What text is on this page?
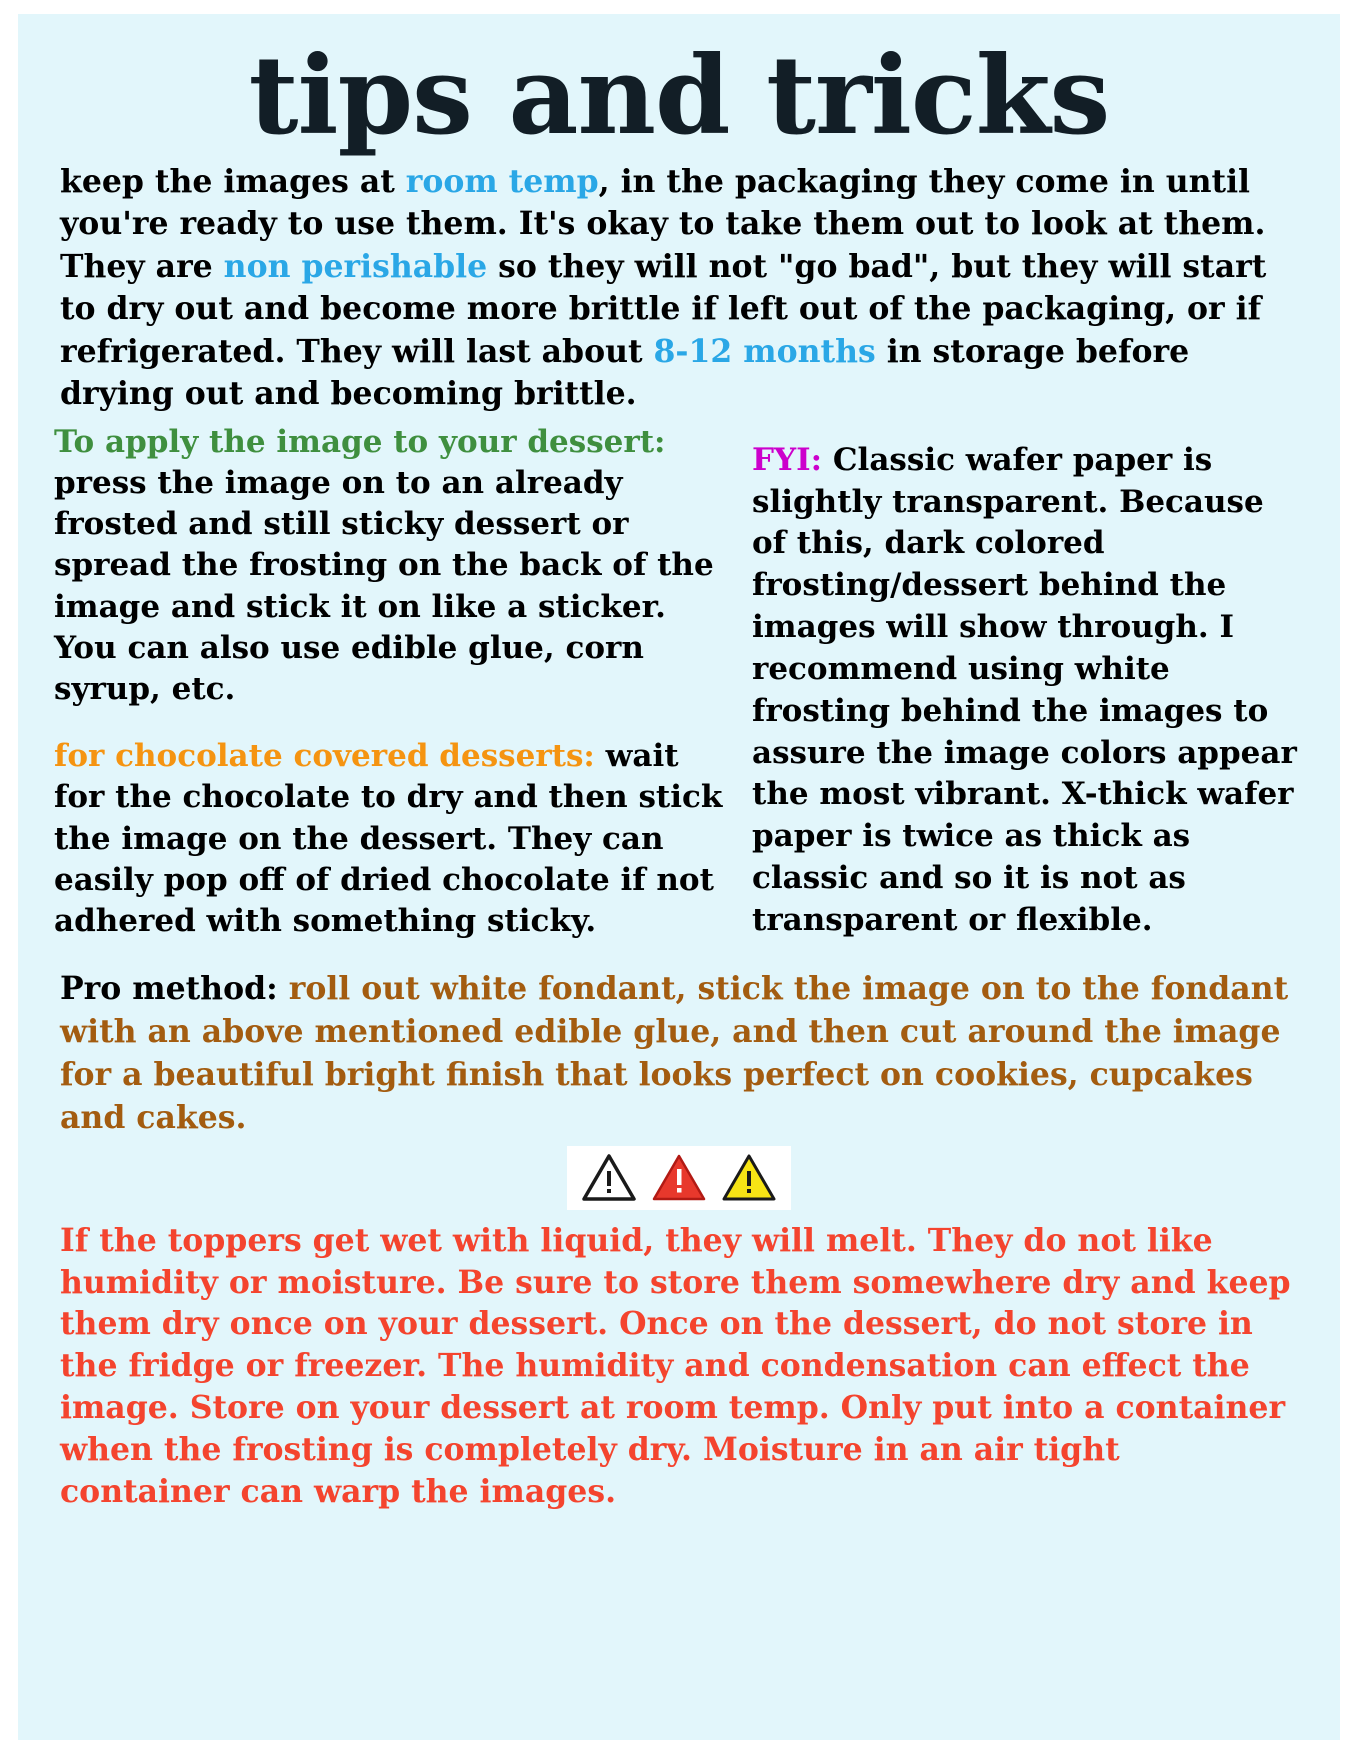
tips and tricks

keep the images at room temp, in the packaging they come in until you're ready to use them. It's okay to take them out to look at them. They are non perishable so they will not "go bad", but they will start to dry out and become more brittle if left out of the packaging, or if refrigerated. They will last about 8-12 months in storage before drying out and becoming brittle.

To apply the image to your dessert: press the image on to an already frosted and still sticky dessert or spread the frosting on the back of the image and stick it on like a sticker. You can also use edible glue, corn syrup, etc.

for chocolate covered desserts: wait for the chocolate to dry and then stick the image on the dessert. They can easily pop off of dried chocolate if not adhered with something sticky.

FYI: Classic wafer paper is slightly transparent. Because of this, dark colored frosting/dessert behind the images will show through. I recommend using white frosting behind the images to assure the image colors appear the most vibrant. X-thick wafer paper is twice as thick as classic and so it is not as transparent or flexible.

Pro method: roll out white fondant, stick the image on to the fondant with an above mentioned edible glue, and then cut around the image for a beautiful bright finish that looks perfect on cookies, cupcakes and cakes.

If the toppers get wet with liquid, they will melt. They do not like humidity or moisture. Be sure to store them somewhere dry and keep them dry once on your dessert. Once on the dessert, do not store in the fridge or freezer. The humidity and condensation can effect the image. Store on your dessert at room temp. Only put into a container when the frosting is completely dry. Moisture in an air tight container can warp the images.
